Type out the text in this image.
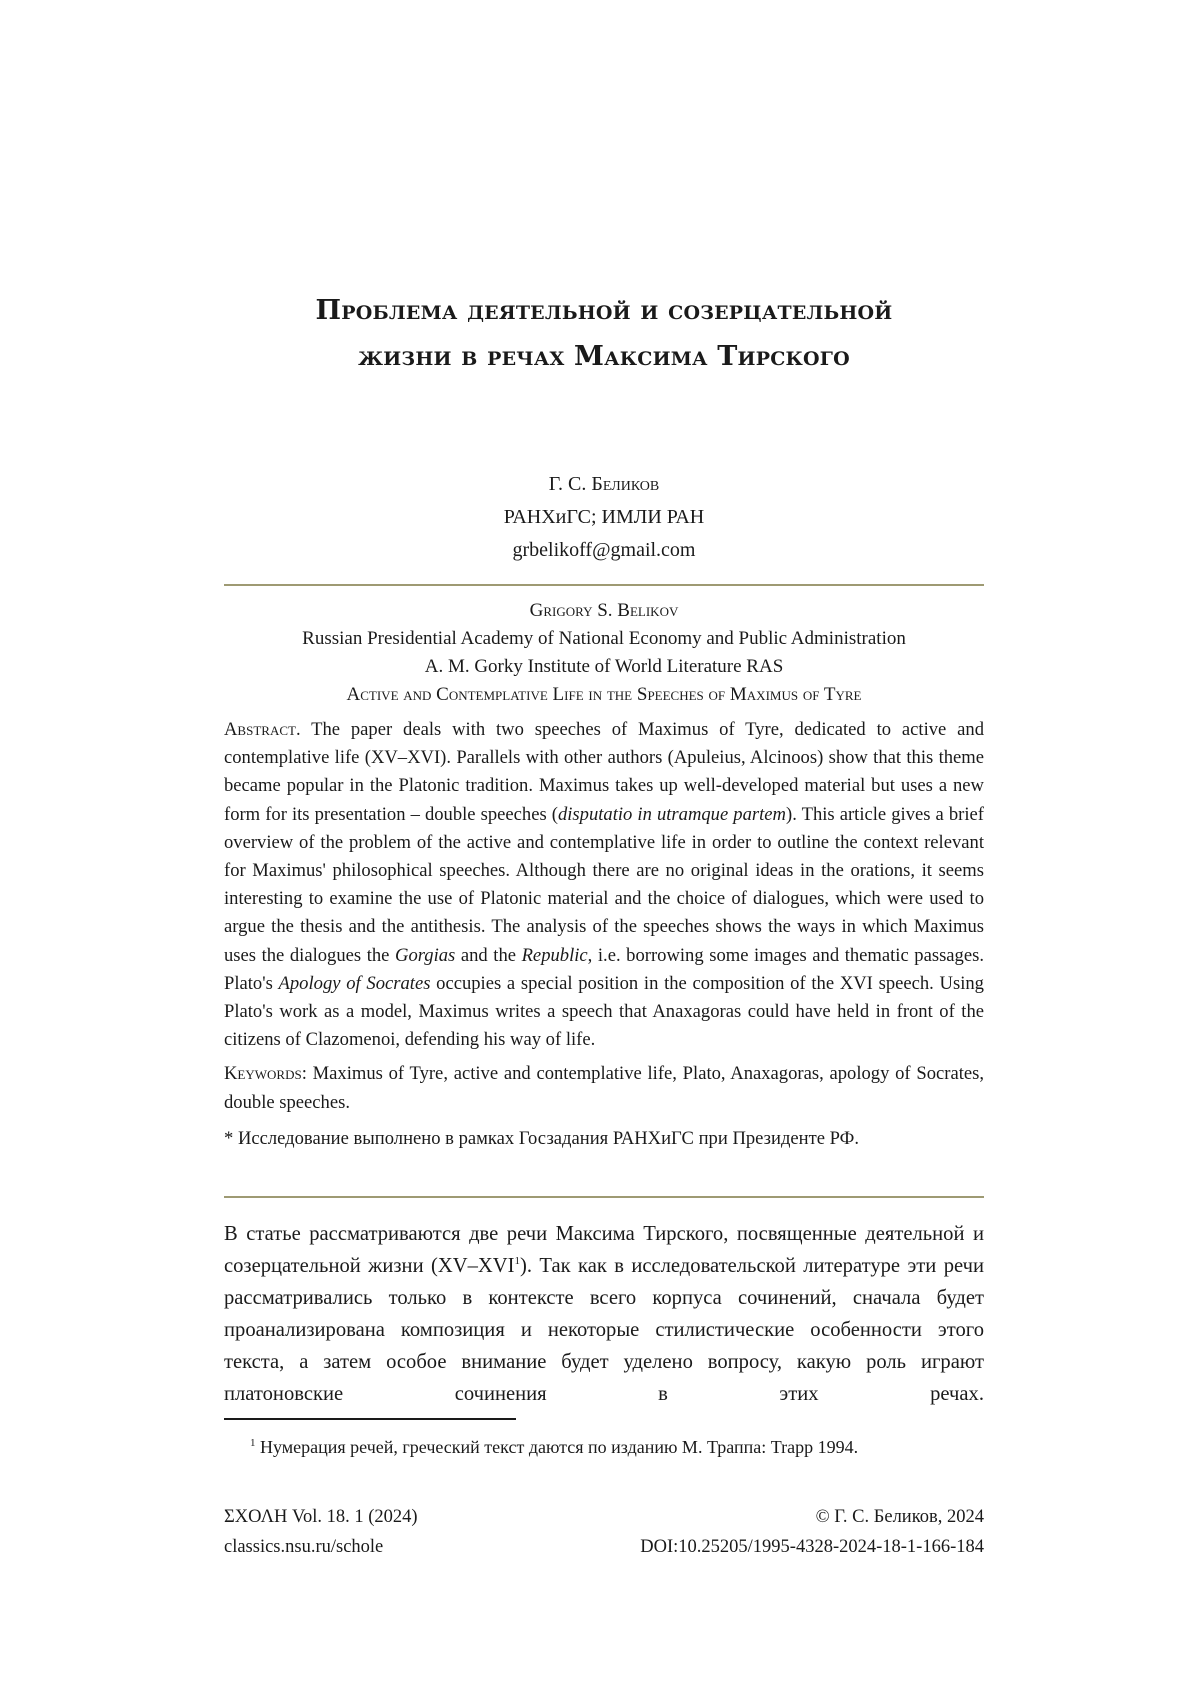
Проблема деятельной и созерцательной
жизни в речах Максима Тирского
Г. С. Беликов
РАНХиГС; ИМЛИ РАН
grbelikoff@gmail.com
Grigory S. Belikov
Russian Presidential Academy of National Economy and Public Administration
A. M. Gorky Institute of World Literature RAS
Active and Contemplative Life in the Speeches of Maximus of Tyre

Abstract. The paper deals with two speeches of Maximus of Tyre, dedicated to active and contemplative life (XV–XVI). Parallels with other authors (Apuleius, Alcinoos) show that this theme became popular in the Platonic tradition. Maximus takes up well-developed material but uses a new form for its presentation – double speeches (disputatio in utramque partem). This article gives a brief overview of the problem of the active and contemplative life in order to outline the context relevant for Maximus' philosophical speeches. Although there are no original ideas in the orations, it seems interesting to examine the use of Platonic material and the choice of dialogues, which were used to argue the thesis and the antithesis. The analysis of the speeches shows the ways in which Maximus uses the dialogues the Gorgias and the Republic, i.e. borrowing some images and thematic passages. Plato's Apology of Socrates occupies a special position in the composition of the XVI speech. Using Plato's work as a model, Maximus writes a speech that Anaxagoras could have held in front of the citizens of Clazomenoi, defending his way of life.

Keywords: Maximus of Tyre, active and contemplative life, Plato, Anaxagoras, apology of Socrates, double speeches.

* Исследование выполнено в рамках Госзадания РАНХиГС при Президенте РФ.

В статье рассматриваются две речи Максима Тирского, посвященные деятельной и созерцательной жизни (XV–XVI1). Так как в исследовательской литературе эти речи рассматривались только в контексте всего корпуса сочинений, сначала будет проанализирована композиция и некоторые стилистические особенности этого текста, а затем особое внимание будет уделено вопросу, какую роль играют платоновские сочинения в этих речах.

1 Нумерация речей, греческий текст даются по изданию М. Траппа: Trapp 1994.
ΣΧΟΛΗ Vol. 18. 1 (2024)	© Г. С. Беликов, 2024
classics.nsu.ru/schole	DOI:10.25205/1995-4328-2024-18-1-166-184
